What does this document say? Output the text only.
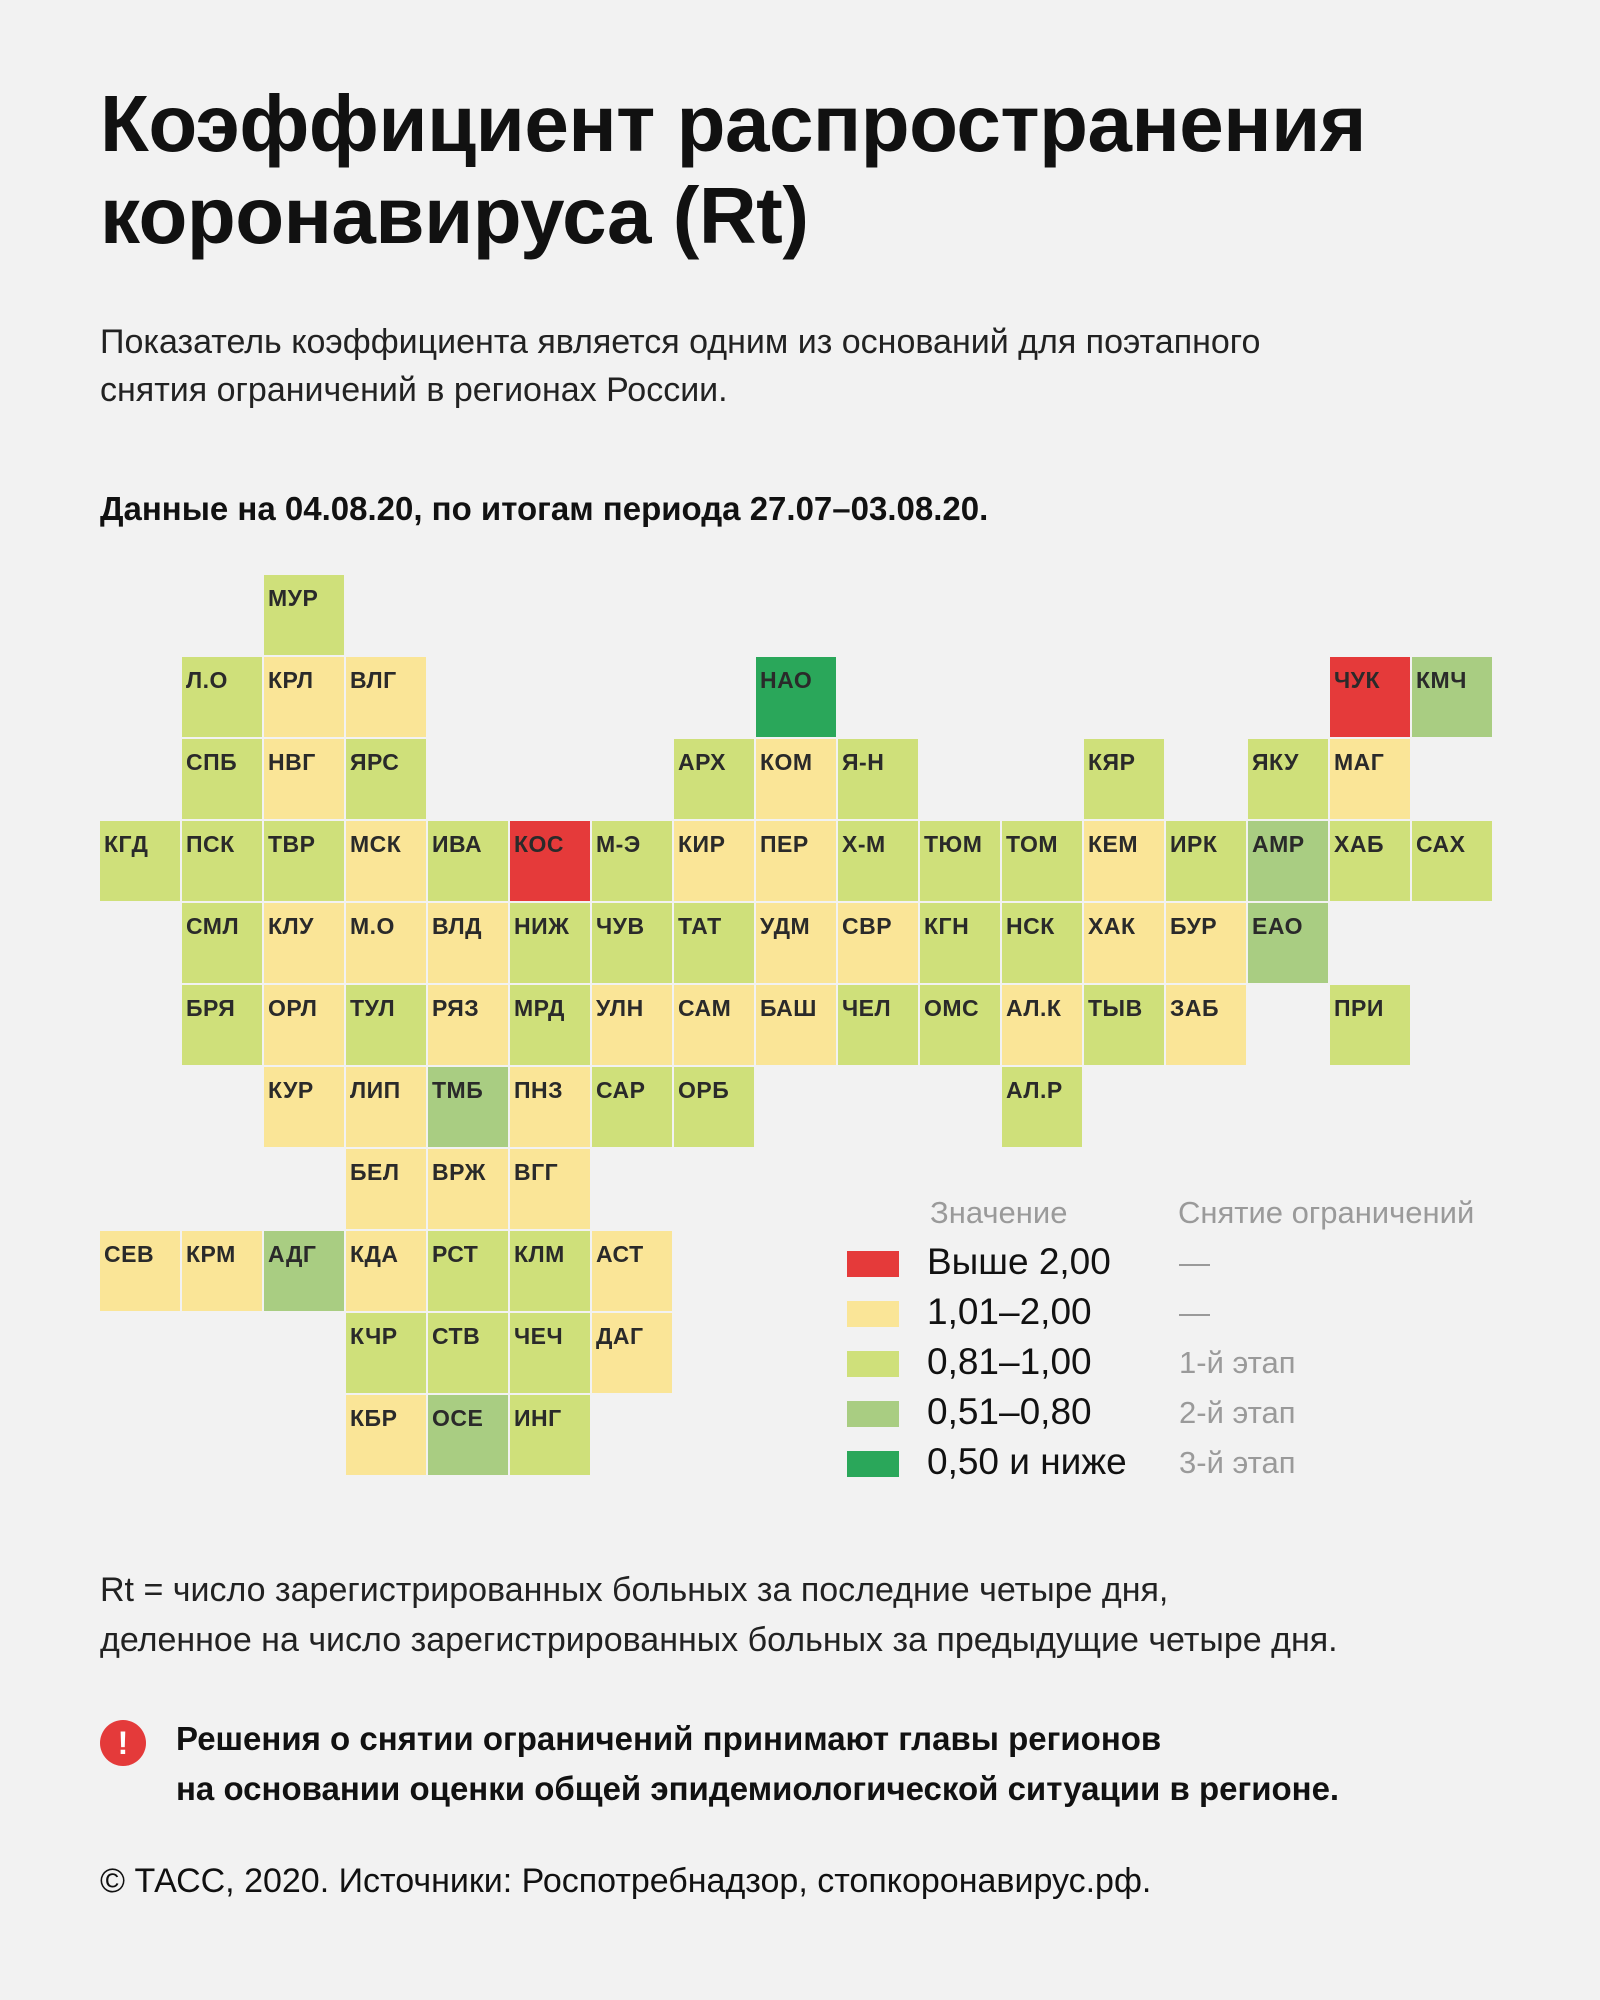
Коэффициент распространения
коронавируса (Rt)
Показатель коэффициента является одним из оснований для поэтапного
снятия ограничений в регионах России.
Данные на 04.08.20, по итогам периода 27.07–03.08.20.
МУР
Л.О	КРЛ	ВЛГ	НАО	ЧУК	КМЧ
СПБ	НВГ	ЯРС	АРХ	КОМ	Я-Н	КЯР	ЯКУ	МАГ
КГД	ПСК	ТВР	МСК	ИВА	КОС	М-Э	КИР	ПЕР	Х-М	ТЮМ	ТОМ	КЕМ	ИРК	АМР	ХАБ	САХ
СМЛ	КЛУ	М.О	ВЛД	НИЖ	ЧУВ	ТАТ	УДМ	СВР	КГН	НСК	ХАК	БУР	ЕАО
БРЯ	ОРЛ	ТУЛ	РЯЗ	МРД	УЛН	САМ	БАШ	ЧЕЛ	ОМС	АЛ.К	ТЫВ	ЗАБ	ПРИ
КУР	ЛИП	ТМБ	ПНЗ	САР	ОРБ	АЛ.Р
БЕЛ	ВРЖ	ВГГ
СЕВ	КРМ	АДГ	КДА	РСТ	КЛМ	АСТ
КЧР	СТВ	ЧЕЧ	ДАГ
КБР	ОСЕ	ИНГ
Значение	Снятие ограничений
Выше 2,00 —
1,01–2,00	—
0,81–1,00	1-й этап
0,51–0,80	2-й этап
0,50 и ниже 3-й этап
Rt = число зарегистрированных больных за последние четыре дня,
деленное на число зарегистрированных больных за предыдущие четыре дня.
!	Решения о снятии ограничений принимают главы регионов
на основании оценки общей эпидемиологической ситуации в регионе.
© ТАСС, 2020. Источники: Роспотребнадзор, стопкоронавирус.рф.
